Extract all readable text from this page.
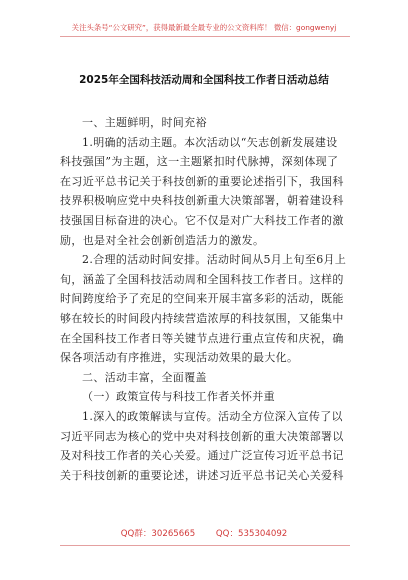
关注头条号“公文研究”，获得最新最全最专业的公文资料库！ 微信：gongwenyj
2025年全国科技活动周和全国科技工作者日活动总结
一、主题鲜明，时间充裕
1.明确的活动主题。本次活动以“矢志创新发展建设
科技强国”为主题，这一主题紧扣时代脉搏，深刻体现了
在习近平总书记关于科技创新的重要论述指引下，我国科
技界积极响应党中央科技创新重大决策部署，朝着建设科
技强国目标奋进的决心。它不仅是对广大科技工作者的激
励，也是对全社会创新创造活力的激发。
2.合理的活动时间安排。活动时间从5月上旬至6月上
旬，涵盖了全国科技活动周和全国科技工作者日。这样的
时间跨度给予了充足的空间来开展丰富多彩的活动，既能
够在较长的时间段内持续营造浓厚的科技氛围，又能集中
在全国科技工作者日等关键节点进行重点宣传和庆祝，确
保各项活动有序推进，实现活动效果的最大化。
二、活动丰富，全面覆盖
（一）政策宣传与科技工作者关怀并重
1.深入的政策解读与宣传。活动全方位深入宣传了以
习近平同志为核心的党中央对科技创新的重大决策部署以
及对科技工作者的关心关爱。通过广泛宣传习近平总书记
关于科技创新的重要论述，讲述习近平总书记关心关爱科
QQ群：30265665 QQ：535304092
